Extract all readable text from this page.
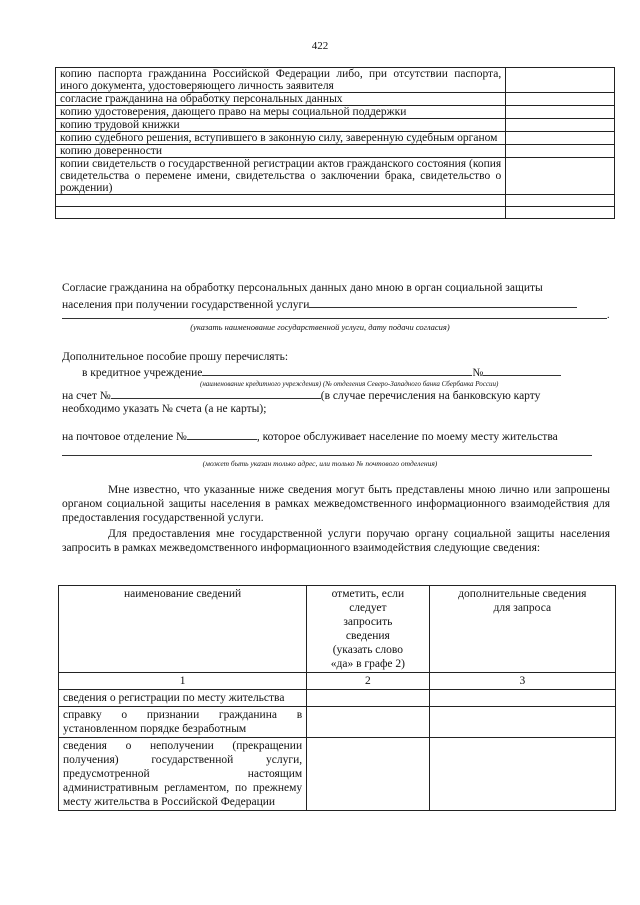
422
копию паспорта гражданина Российской Федерации либо, при отсутствии паспорта, иного документа, удостоверяющего личность заявителя	
согласие гражданина на обработку персональных данных	
копию удостоверения, дающего право на меры социальной поддержки	
копию трудовой книжки	
копию судебного решения, вступившего в законную силу, заверенную судебным органом	
копию доверенности	
копии свидетельств о государственной регистрации актов гражданского состояния (копия свидетельства о перемене имени, свидетельства о заключении брака, свидетельство о рождении)	

Согласие гражданина на обработку персональных данных дано мною в орган социальной защиты
населения при получении государственной услуги
.
(указать наименование государственной услуги, дату подачи согласия)
Дополнительное пособие прошу перечислять:
в кредитное учреждение	№
(наименование кредитного учреждения) (№ отделения Северо-Западного банка Сбербанка России)
на счет №	(в случае перечисления на банковскую карту
необходимо указать № счета (а не карты);
на почтовое отделение №	, которое обслуживает население по моему месту жительства
(может быть указан только адрес, или только № почтового отделения)
Мне известно, что указанные ниже сведения могут быть представлены мною лично или запрошены органом социальной защиты населения в рамках межведомственного информационного взаимодействия для предоставления государственной услуги.
Для предоставления мне государственной услуги поручаю органу социальной защиты населения запросить в рамках межведомственного информационного взаимодействия следующие сведения:
наименование сведений	отметить, если следует запросить сведения (указать слово «да» в графе 2)	дополнительные сведения для запроса

1	2	3
сведения о регистрации по месту жительства		
справку о признании гражданина в установленном порядке безработным		
сведения о неполучении (прекращении получения) государственной услуги, предусмотренной настоящим административным регламентом, по прежнему месту жительства в Российской Федерации		
